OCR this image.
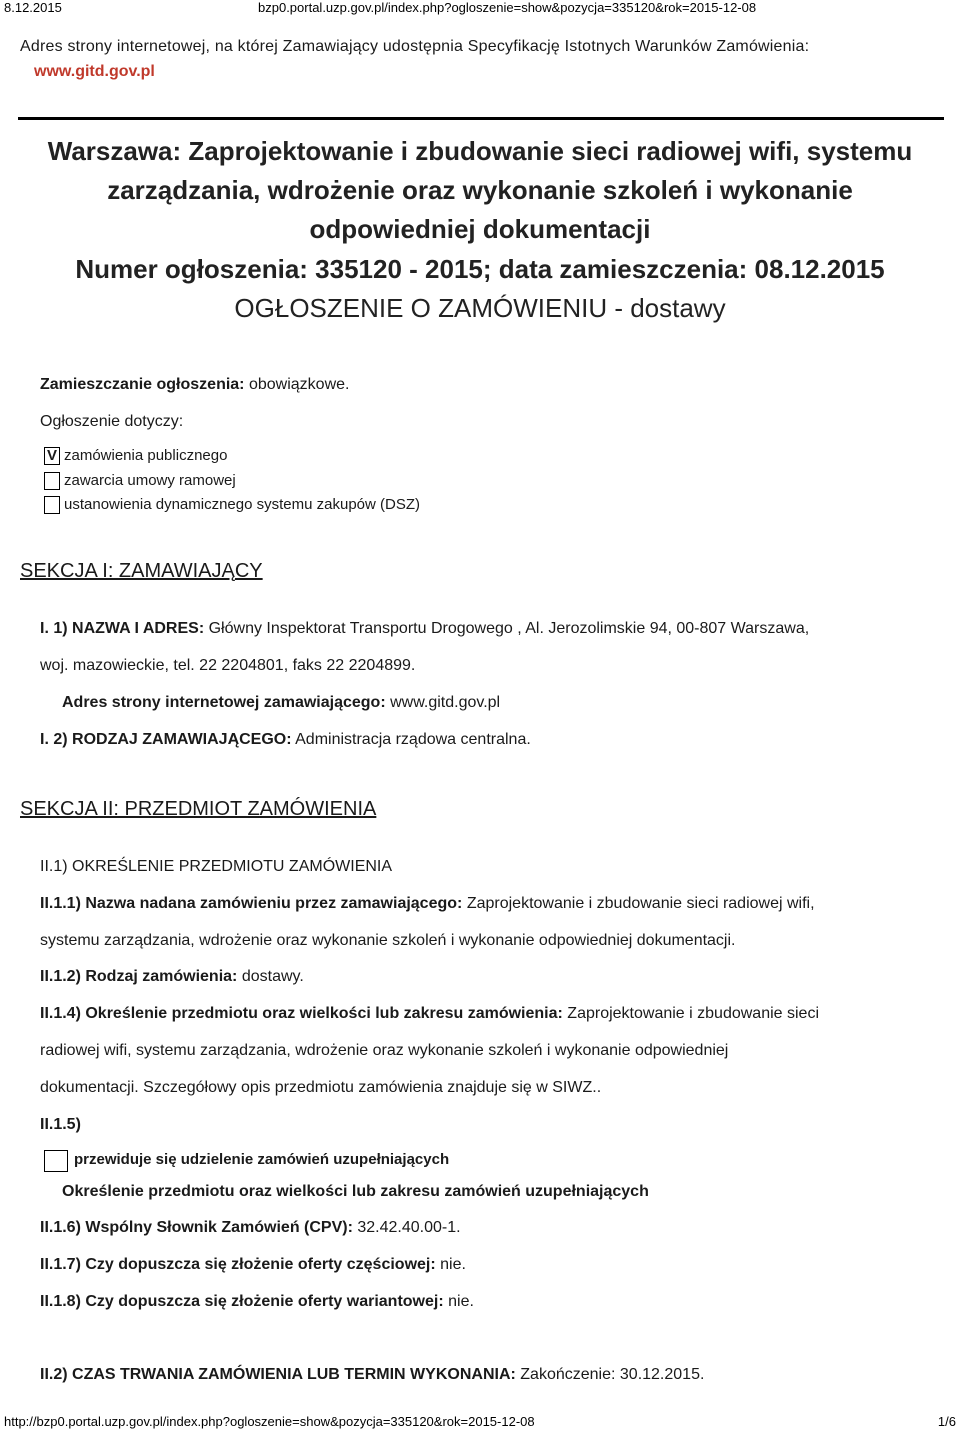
8.12.2015	bzp0.portal.uzp.gov.pl/index.php?ogloszenie=show&pozycja=335120&rok=2015-12-08
Adres strony internetowej, na której Zamawiający udostępnia Specyfikację Istotnych Warunków Zamówienia:
www.gitd.gov.pl
Warszawa: Zaprojektowanie i zbudowanie sieci radiowej wifi, systemu
zarządzania, wdrożenie oraz wykonanie szkoleń i wykonanie
odpowiedniej dokumentacji
Numer ogłoszenia: 335120 - 2015; data zamieszczenia: 08.12.2015
OGŁOSZENIE O ZAMÓWIENIU - dostawy
Zamieszczanie ogłoszenia: obowiązkowe.
Ogłoszenie dotyczy:
V zamówienia publicznego
zawarcia umowy ramowej
ustanowienia dynamicznego systemu zakupów (DSZ)
SEKCJA I: ZAMAWIAJĄCY
I. 1) NAZWA I ADRES: Główny Inspektorat Transportu Drogowego , Al. Jerozolimskie 94, 00-807 Warszawa,
woj. mazowieckie, tel. 22 2204801, faks 22 2204899.
Adres strony internetowej zamawiającego: www.gitd.gov.pl
I. 2) RODZAJ ZAMAWIAJĄCEGO: Administracja rządowa centralna.
SEKCJA II: PRZEDMIOT ZAMÓWIENIA
II.1) OKREŚLENIE PRZEDMIOTU ZAMÓWIENIA
II.1.1) Nazwa nadana zamówieniu przez zamawiającego: Zaprojektowanie i zbudowanie sieci radiowej wifi,
systemu zarządzania, wdrożenie oraz wykonanie szkoleń i wykonanie odpowiedniej dokumentacji.
II.1.2) Rodzaj zamówienia: dostawy.
II.1.4) Określenie przedmiotu oraz wielkości lub zakresu zamówienia: Zaprojektowanie i zbudowanie sieci
radiowej wifi, systemu zarządzania, wdrożenie oraz wykonanie szkoleń i wykonanie odpowiedniej
dokumentacji. Szczegółowy opis przedmiotu zamówienia znajduje się w SIWZ..
II.1.5)
przewiduje się udzielenie zamówień uzupełniających
Określenie przedmiotu oraz wielkości lub zakresu zamówień uzupełniających
II.1.6) Wspólny Słownik Zamówień (CPV): 32.42.40.00-1.
II.1.7) Czy dopuszcza się złożenie oferty częściowej: nie.
II.1.8) Czy dopuszcza się złożenie oferty wariantowej: nie.
II.2) CZAS TRWANIA ZAMÓWIENIA LUB TERMIN WYKONANIA: Zakończenie: 30.12.2015.
http://bzp0.portal.uzp.gov.pl/index.php?ogloszenie=show&pozycja=335120&rok=2015-12-08	1/6
